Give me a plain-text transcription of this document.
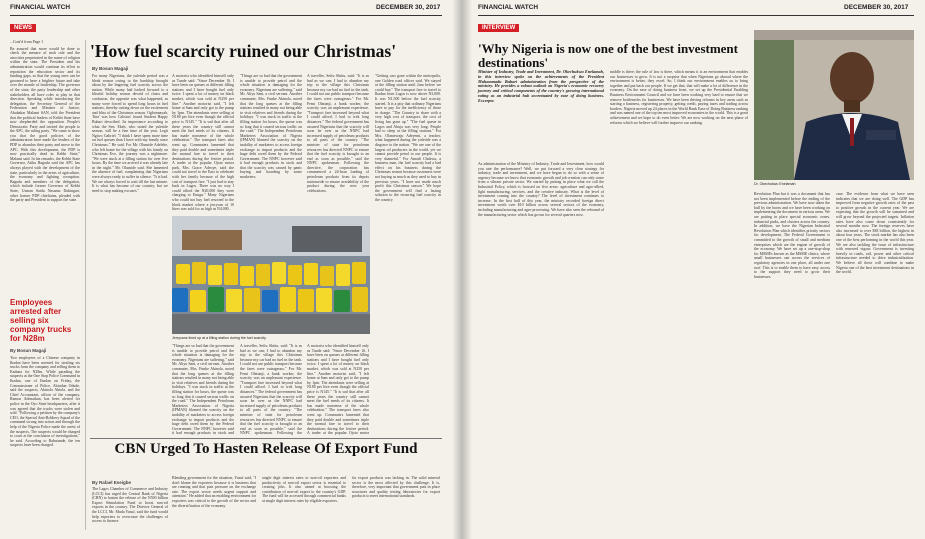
FINANCIAL WATCH	DECEMBER 30, 2017
NEWS

...Cont'd from Page 1

Be assured that more would be done to check the menace of mob rule and the atrocities perpetrated in the name of religion within the state. The President and his administration would continue its effort to reposition the education sector and its funding gaps, so that the young ones can be groomed to have a brighter future and take over the mantle of leadership. The governor of the state, the party leadership and other stakeholders all have roles to play in that direction. Speaking while introducing the delegation, the Secretary General of the Federation and Minister of Justice, Abubakar Malami SAN, told the President that the political leaders of Kebbi State have now shepherded the opposition People's Democratic Party and invited the people to the APC, the ruling party. "We came to show you that the good policies of the administration have made the leaders of the PDP to abandon their party and move to the APC. With this development, the PDP is now practically dead in Kebbi State," Malami said. In his remarks, the Kebbi State Governor, Atiku Bagudu said the APC has always played with the development of the state, particularly in the areas of agriculture, the economy and fighting corruption. Bagudu and members of the delegation, which include former Governor of Kebbi State, Usman Saidu Nasamu Dakingari, other former PDP chieftains, pleaded with the party and President to support the state.

Employees arrested after selling six company trucks for N28m
By Bosun Magaji
Two employees of a Chinese company in Ibadan have been arrested for stealing six trucks from the company and selling them to Kaduna for N28m. While parading the suspects at the One Stop Police Command in Ibadan, one of Ibadan on Friday, the Commissioner of Police, Abiodun Odude, said the suspects, Akinola Abiola, and the Chief Accountant, officer of the company, Ramon Adenaikan, has been alerted for police in the Oyo State headquarters, after it was agreed that the trucks were stolen and sold. "Following a petition by the company's CEO, the Special Anti-Robbery Squad of the command swung into action and through the help of the Nigeria Police made the arrest of the suspects. The suspects would be charged to court at the conclusion of investigations," he said. According to Babatunde, the ten suspects have been charged.
'How fuel scarcity ruined our Christmas'
By Bosun Magaji
For many Nigerians, the yuletide period was a bleak season owing to the hardship brought about by the lingering fuel scarcity across the nation. While many had looked forward to a blissful holiday season devoid of chaos and confusion, the opposite was what happened, as many were forced to spend long hours in fuel stations, thereby cutting down on the excitement and bliss of the Christmas season. Ogbonnayah, Tina' was how Calistus' found Student Happy Buhari described. Its importance according to what the Sen. Ekeh, who stated the yuletide season, will be a fine time of the year. Legit Ngiwo Gabriel. "I think I have spent more time on fuel queues than I have with my family since Christmas." He said. For Mr. Olumide Adeleke, who left home for the village with his family on Christmas Eve, the journey was a nightmare. "We were stuck at a filling station for over five hours. By the time we arrived it was already late in the night." Mr. Olumide said. She lamented the absence of fuel, complaining that Nigerians were always ready to suffer in silence. "It is bad. We are always forced to wait till the last minute. It is what has become of our country, but we need to stop making excuses."
A motorist who identified himself only as Tunde said: "Since December 16, I have been on queues at different filling stations and I have bought fuel only twice. I spent a lot of money on black market, which was sold at N250 per litre." Another motorist said, "I left home at 6am and only got to the pump by 1pm. The attendants were selling at N180 per litre even though the official price is N145." "It is sad that after all these years the country still cannot meet the fuel needs of its citizens. It has made nonsense of the whole celebration." The transport fares also went up. Commuters lamented that they paid double and sometimes triple the normal fare to travel to their destinations during the festive period. A trader at the popular Ojota motor park, Mrs. Grace Adeoye, said she could not travel to the East to celebrate with her family because of the high cost of transport fare. "I just had to stay back in Lagos. There was no way I could afford the N20,000 they were charging to Enugu." Many Nigerians who could not buy fuel resorted to the black market where a jerrycan of 10 litres was sold for as high as N4,000.
"Things are so bad that the government is unable to provide petrol and the whole situation is damaging for the economy. Nigerians are suffering," said Mr. Aliyu Sani, a civil servant. Another commuter, Mrs. Funke Akinola, noted that the long queues at the filling stations resulted in many not being able to visit relatives and friends during the holidays. "I was stuck in traffic at the filling station for hours, the queue was so long that it caused serious traffic on the road." The Independent Petroleum Marketers Association of Nigeria (IPMAN) blamed the scarcity on the inability of marketers to access foreign exchange to import products and the huge debt owed them by the Federal Government. The NNPC however said it had enough products in stock and that the scarcity was caused by panic buying and hoarding by some marketers.
A traveller, Sefiu Shittu, said: "It is as bad as we can; I had to abandon my trip to the village this Christmas because my car had no fuel in the tank. I could not use public transport because the fares were outrageous." For Mr. Femi Olatunji, a bank worker, the scarcity was an unpleasant experience. "Transport fare increased beyond what I could afford. I had to trek long distances." The federal government has assured Nigerians that the scarcity will soon be over as the NNPC had increased supply of petroleum products to all parts of the country. "The minister of state for petroleum resources has directed NNPC to ensure that the fuel scarcity is brought to an end as soon as possible," said the NNPC spokesman. Following the directive, the corporation has commenced a 24-hour loading of petroleum products from its depots nationwide to ensure availability of the product during the new year celebrations.
"Getting cars gone within the metropolis, one Golden road officer said. We stayed at the filling station until 2am before we could buy." The transport fare to travel to Ibadan from Lagos is now above N3,000. It was N1,500 before the fuel scarcity started. It is a pity that ordinary Nigerians have to pay for the inefficiency of those in charge. "The Country to share with a very high cost of transport, the cost of living has gone up." "The fuel queue in Lagos and Abuja was very long. People had to sleep at the filling stations." For Mrs. Olanrewaju Adeyemi, a teacher, what happened during the yuletide was a disgrace to the nation. "We are one of the largest oil producers in the world, yet we cannot provide petrol to our people. It is very shameful." For Amadi Chukwu, a business man, the fuel scarcity had a bad effect on his business during the Christmas season because customers were not buying as much as they used to buy in previous years. "I have not made much profit this Christmas season." We hope the government will find a lasting solution to the recurring fuel scarcity in the country.
Jerrycans lined up at a filling station during the fuel scarcity
"Things are so bad that the government is unable to provide petrol and the whole situation is damaging for the economy. Nigerians are suffering," said Mr. Aliyu Sani, a civil servant. Another commuter, Mrs. Funke Akinola, noted that the long queues at the filling stations resulted in many not being able to visit relatives and friends during the holidays. "I was stuck in traffic at the filling station for hours, the queue was so long that it caused serious traffic on the road." The Independent Petroleum Marketers Association of Nigeria (IPMAN) blamed the scarcity on the inability of marketers to access foreign exchange to import products and the huge debt owed them by the Federal Government. The NNPC however said it had enough products in stock and
A traveller, Sefiu Shittu, said: "It is as bad as we can; I had to abandon my trip to the village this Christmas because my car had no fuel in the tank. I could not use public transport because the fares were outrageous." For Mr. Femi Olatunji, a bank worker, the scarcity was an unpleasant experience. "Transport fare increased beyond what I could afford. I had to trek long distances." The federal government has assured Nigerians that the scarcity will soon be over as the NNPC had increased supply of petroleum products to all parts of the country. "The minister of state for petroleum resources has directed NNPC to ensure that the fuel scarcity is brought to an end as soon as possible," said the NNPC spokesman. Following the
A motorist who identified himself only as Tunde said: "Since December 16, I have been on queues at different filling stations and I have bought fuel only twice. I spent a lot of money on black market, which was sold at N250 per litre." Another motorist said, "I left home at 6am and only got to the pump by 1pm. The attendants were selling at N180 per litre even though the official price is N145." "It is sad that after all these years the country still cannot meet the fuel needs of its citizens. It has made nonsense of the whole celebration." The transport fares also went up. Commuters lamented that they paid double and sometimes triple the normal fare to travel to their destinations during the festive period. A trader at the popular Ojota motor
CBN Urged To Hasten Release Of Export Fund
By Rafael Eseigbe
The Lagos Chamber of Commerce and Industry (LCCI) has urged the Central Bank of Nigeria (CBN) to hasten the release of the N500 billion Export Stimulation Fund to boost non-oil exports in the country. The Director General of the LCCI, Mr. Muda Yusuf, said the fund would help exporters to overcome the challenges of access to finance.
Blending government for the situation, Yusuf said, "I don't blame the exporters because it is business that are running and that puts pressure on the exchange rate. The export sector needs urgent support and attention." He added that an enabling environment for exporters was critical to the growth of the sector and the diversification of the economy.
single digit interest rates to non-oil exporters and productivity of non-oil export sector is essential to creating jobs. It also aimed at boosting the contribution of non-oil export to the country's GDP. The fund will be accessed through commercial banks at single digit interest rates by eligible exporters.
for export products was lacking in. The solid mineral sector is the most affected by this challenge. It is, therefore, very important that government puts in place structures and quality testing laboratories for export products to meet international standards.
FINANCIAL WATCH	DECEMBER 30, 2017
INTERVIEW
'Why Nigeria is now one of the best investment destinations'
Dr. Okechukwu Enelamah
Minister of Industry, Trade and Investment, Dr. Okechukwu Enelamah, in this interview spoke on the achievements of the President Muhammadu Buhari administration from the perspective of the ministry. He provides a robust outlook on Nigeria's economic recovery journey and critical components of the country's growing international rating as an industrial hub accentuated by ease of doing business. Excerpts:
As administration of the Ministry of Industry, Trade and Investment, how would you rate the performance? Well, we put forward a very clear strategy for industry, trade and investment, and we have begun to do so with a sense of urgency because we know that economic growth and job creation can only come from a vibrant private sector. We started by putting in place what we call the Industrial Policy, which is focused on five areas: agriculture and agro-allied, light manufacturing, services, and the creative industry. What is the level of investment coming into the country? The level of investment continues to increase. In the first half of this year, the ministry recorded foreign direct investment worth over $10 billion across several sectors of the economy, including manufacturing and agro-processing. We have also seen the rebound of the manufacturing sector which has grown for several quarters now.
middle is there; the rule of law is there, which means it is an environment that enables our businesses to grow. It is not a surprise that when Nigerians go abroad where the environment is better, they excel. So, I think our environment enables us to bring together and put back our people. If we get that, that will make a lot of difference in the economy. On the ease of doing business front, we set up the Presidential Enabling Business Environment Council and we have been working very hard to ensure that we remove bottlenecks for businesses. We have been driving reforms in key areas such as starting a business, registering property, getting credit, paying taxes and trading across borders. Nigeria moved up 24 places in the World Bank Ease of Doing Business ranking and was named one of the top ten most improved economies in the world. This is a great achievement and we hope to do even better. We are now working on the next phase of reforms which we believe will further improve our ranking.
Revolution Plan but it was a document that has not been implemented before the ending of the previous administration. We have now taken the bull by the horns and we have been working on implementing the document in various areas. We are putting in place special economic zones, industrial parks, and clusters across the country. In addition, we have the Nigerian Industrial Revolution Plan which identifies priority sectors for development. The Federal Government is committed to the growth of small and medium enterprises which are the engine of growth of the economy. We have set up a one-stop-shop for MSMEs known as the MSME clinics, where small businesses can access the services of regulatory agencies in one place, all under one roof. This is to enable them to have easy access to the support they need to grow their businesses.
case. The evidence from what we have seen indicates that we are doing well. The GDP has improved from negative growth rates of the past to positive growth in the current year. We are expecting that the growth will be sustained and will grow beyond the projected targets. Inflation rates have also come down consistently for several months now. The foreign reserves have also increased to over $38 billion, the highest in about four years. The stock market has also been one of the best performing in the world this year. We are also tackling the issue of infrastructure with renewed vigour. Government is investing heavily in roads, rail, power and other critical infrastructure needed to drive industrialisation. We believe all these will combine to make Nigeria one of the best investment destinations in the world.
